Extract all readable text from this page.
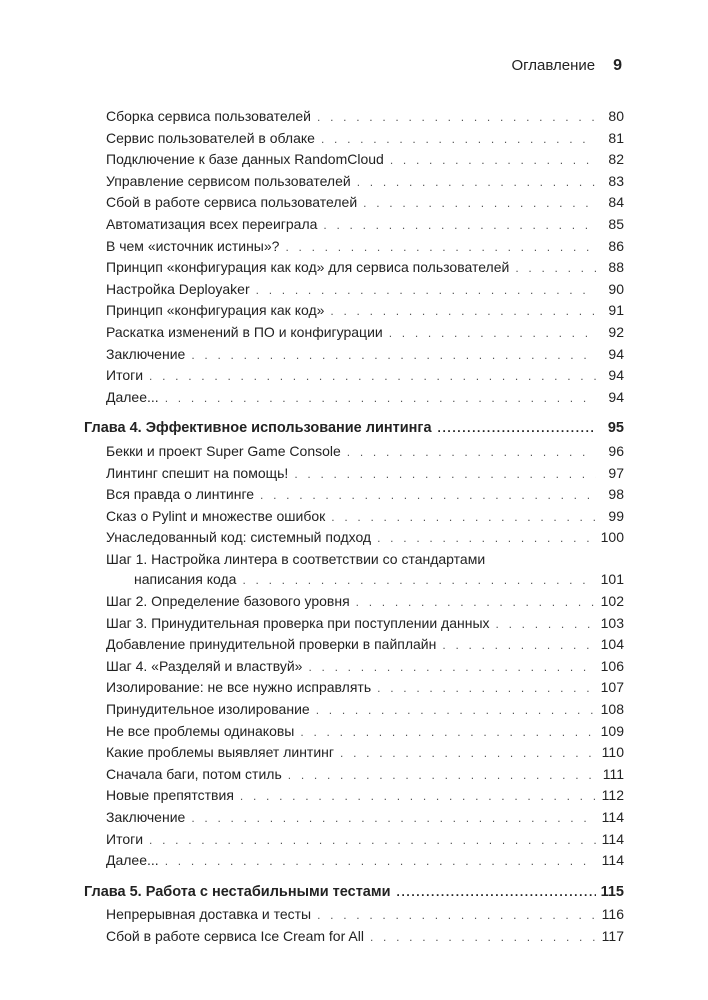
Оглавление 9
Сборка сервиса пользователей . . .	80
Сервис пользователей в облаке . . .	81
Подключение к базе данных RandomCloud . . .	82
Управление сервисом пользователей . . .	83
Сбой в работе сервиса пользователей . . .	84
Автоматизация всех переиграла . . .	85
В чем «источник истины»? . . .	86
Принцип «конфигурация как код» для сервиса пользователей . . .	88
Настройка Deployaker . . .	90
Принцип «конфигурация как код» . . .	91
Раскатка изменений в ПО и конфигурации . . .	92
Заключение . . .	94
Итоги . . .	94
Далее... . . .	94
Глава 4. Эффективное использование линтинга .....	95
Бекки и проект Super Game Console . . .	96
Линтинг спешит на помощь! . . .	97
Вся правда о линтинге . . .	98
Сказ о Pylint и множестве ошибок . . .	99
Унаследованный код: системный подход . . .	100
Шаг 1. Настройка линтера в соответствии со стандартами
написания кода . . .	101
Шаг 2. Определение базового уровня . . .	102
Шаг 3. Принудительная проверка при поступлении данных . . .	103
Добавление принудительной проверки в пайплайн . . .	104
Шаг 4. «Разделяй и властвуй» . . .	106
Изолирование: не все нужно исправлять . . .	107
Принудительное изолирование . . .	108
Не все проблемы одинаковы . . .	109
Какие проблемы выявляет линтинг . . .	110
Сначала баги, потом стиль . . .	111
Новые препятствия . . .	112
Заключение . . .	114
Итоги . . .	114
Далее... . . .	114
Глава 5. Работа с нестабильными тестами .....	115
Непрерывная доставка и тесты . . .	116
Сбой в работе сервиса Ice Cream for All . . .	117
